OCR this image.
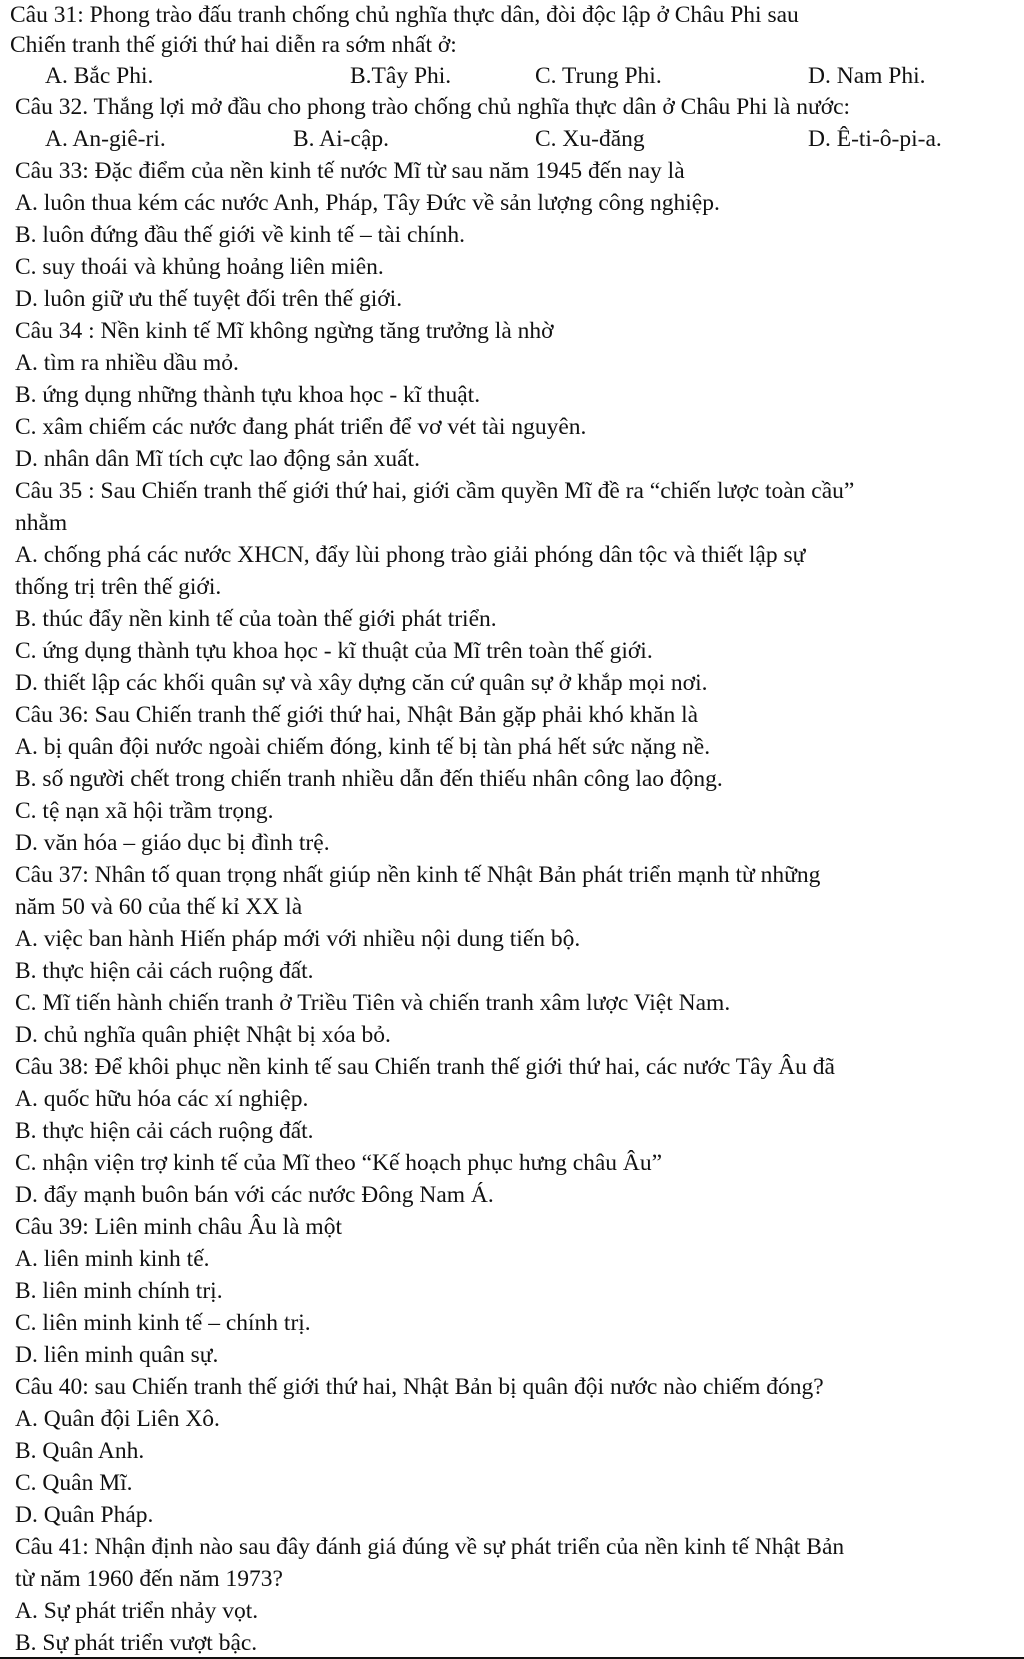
Câu 31: Phong trào đấu tranh chống chủ nghĩa thực dân, đòi độc lập ở Châu Phi sau
Chiến tranh thế giới thứ hai diễn ra sớm nhất ở:
A. Bắc Phi.	B.Tây Phi.	C. Trung Phi.	D. Nam Phi.
Câu 32. Thắng lợi mở đầu cho phong trào chống chủ nghĩa thực dân ở Châu Phi là nước:
A. An-giê-ri.	B. Ai-cập.	C. Xu-đăng	D. Ê-ti-ô-pi-a.
Câu 33: Đặc điểm của nền kinh tế nước Mĩ từ sau năm 1945 đến nay là
A. luôn thua kém các nước Anh, Pháp, Tây Đức về sản lượng công nghiệp.
B. luôn đứng đầu thế giới về kinh tế – tài chính.
C. suy thoái và khủng hoảng liên miên.
D. luôn giữ ưu thế tuyệt đối trên thế giới.
Câu 34 : Nền kinh tế Mĩ không ngừng tăng trưởng là nhờ
A. tìm ra nhiều dầu mỏ.
B. ứng dụng những thành tựu khoa học - kĩ thuật.
C. xâm chiếm các nước đang phát triển để vơ vét tài nguyên.
D. nhân dân Mĩ tích cực lao động sản xuất.
Câu 35 : Sau Chiến tranh thế giới thứ hai, giới cầm quyền Mĩ đề ra “chiến lược toàn cầu”
nhằm
A. chống phá các nước XHCN, đẩy lùi phong trào giải phóng dân tộc và thiết lập sự
thống trị trên thế giới.
B. thúc đẩy nền kinh tế của toàn thế giới phát triển.
C. ứng dụng thành tựu khoa học - kĩ thuật của Mĩ trên toàn thế giới.
D. thiết lập các khối quân sự và xây dựng căn cứ quân sự ở khắp mọi nơi.
Câu 36: Sau Chiến tranh thế giới thứ hai, Nhật Bản gặp phải khó khăn là
A. bị quân đội nước ngoài chiếm đóng, kinh tế bị tàn phá hết sức nặng nề.
B. số người chết trong chiến tranh nhiều dẫn đến thiếu nhân công lao động.
C. tệ nạn xã hội trầm trọng.
D. văn hóa – giáo dục bị đình trệ.
Câu 37: Nhân tố quan trọng nhất giúp nền kinh tế Nhật Bản phát triển mạnh từ những
năm 50 và 60 của thế kỉ XX là
A. việc ban hành Hiến pháp mới với nhiều nội dung tiến bộ.
B. thực hiện cải cách ruộng đất.
C. Mĩ tiến hành chiến tranh ở Triều Tiên và chiến tranh xâm lược Việt Nam.
D. chủ nghĩa quân phiệt Nhật bị xóa bỏ.
Câu 38: Để khôi phục nền kinh tế sau Chiến tranh thế giới thứ hai, các nước Tây Âu đã
A. quốc hữu hóa các xí nghiệp.
B. thực hiện cải cách ruộng đất.
C. nhận viện trợ kinh tế của Mĩ theo “Kế hoạch phục hưng châu Âu”
D. đẩy mạnh buôn bán với các nước Đông Nam Á.
Câu 39: Liên minh châu Âu là một
A. liên minh kinh tế.
B. liên minh chính trị.
C. liên minh kinh tế – chính trị.
D. liên minh quân sự.
Câu 40: sau Chiến tranh thế giới thứ hai, Nhật Bản bị quân đội nước nào chiếm đóng?
A. Quân đội Liên Xô.
B. Quân Anh.
C. Quân Mĩ.
D. Quân Pháp.
Câu 41: Nhận định nào sau đây đánh giá đúng về sự phát triển của nền kinh tế Nhật Bản
từ năm 1960 đến năm 1973?
A. Sự phát triển nhảy vọt.
B. Sự phát triển vượt bậc.
